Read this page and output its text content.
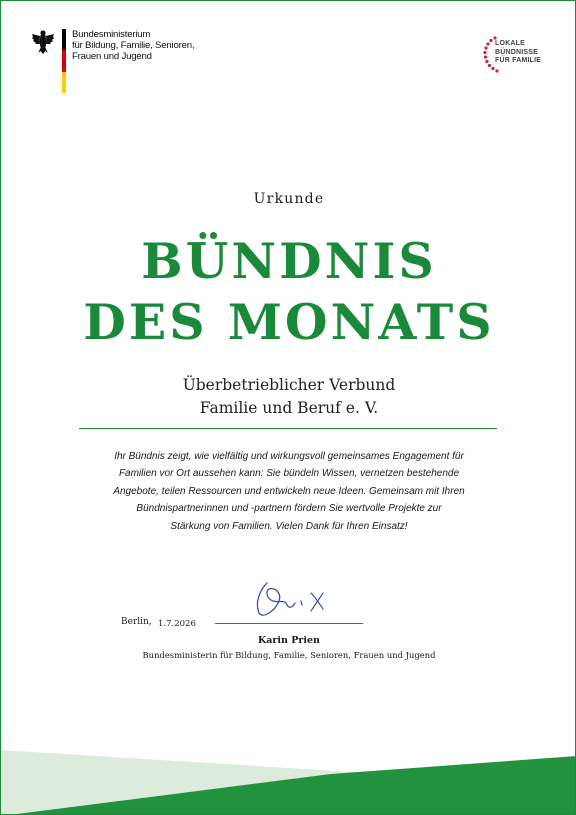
Bundesministerium
für Bildung, Familie, Senioren,
Frauen und Jugend
LOKALE
BÜNDNISSE
FÜR FAMILIE
Urkunde
BÜNDNIS
DES MONATS
Überbetrieblicher Verbund
Familie und Beruf e. V.
Ihr Bündnis zeigt, wie vielfältig und wirkungsvoll gemeinsames Engagement für
Familien vor Ort aussehen kann: Sie bündeln Wissen, vernetzen bestehende
Angebote, teilen Ressourcen und entwickeln neue Ideen. Gemeinsam mit Ihren
Bündnispartnerinnen und -partnern fördern Sie wertvolle Projekte zur
Stärkung von Familien. Vielen Dank für Ihren Einsatz!
Berlin, 1.7.2026
Karin Prien
Bundesministerin für Bildung, Familie, Senioren, Frauen und Jugend
